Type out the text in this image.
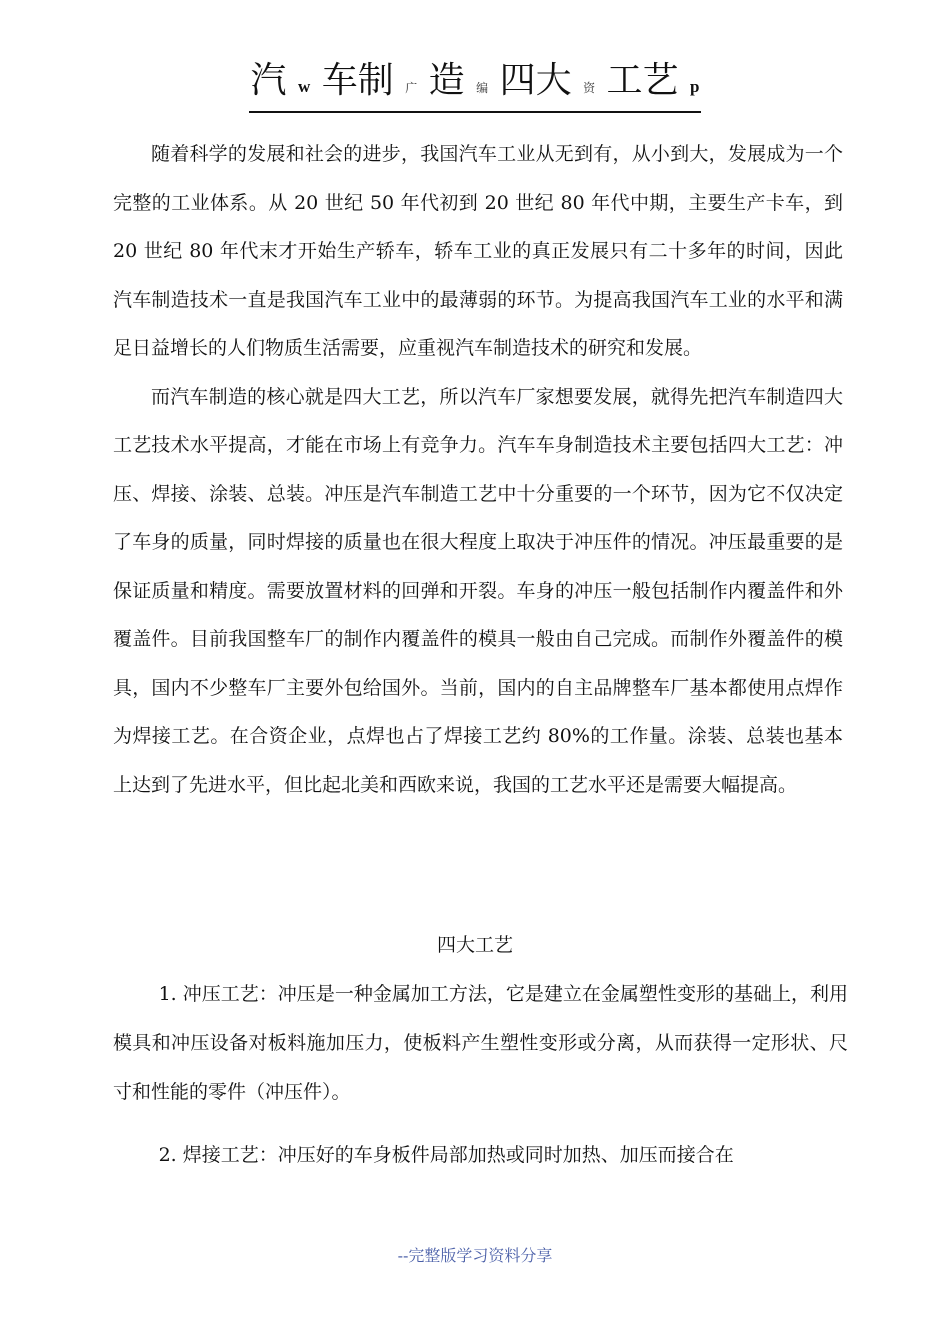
汽 w 车制 广 造 编 四大 资 工艺 p

随着科学的发展和社会的进步，我国汽车工业从无到有，从小到大，发展成为一个完整的工业体系。从 20 世纪 50 年代初到 20 世纪 80 年代中期，主要生产卡车，到 20 世纪 80 年代末才开始生产轿车，轿车工业的真正发展只有二十多年的时间，因此汽车制造技术一直是我国汽车工业中的最薄弱的环节。为提高我国汽车工业的水平和满足日益增长的人们物质生活需要，应重视汽车制造技术的研究和发展。

而汽车制造的核心就是四大工艺，所以汽车厂家想要发展，就得先把汽车制造四大工艺技术水平提高，才能在市场上有竞争力。汽车车身制造技术主要包括四大工艺：冲压、焊接、涂装、总装。冲压是汽车制造工艺中十分重要的一个环节，因为它不仅决定了车身的质量，同时焊接的质量也在很大程度上取决于冲压件的情况。冲压最重要的是保证质量和精度。需要放置材料的回弹和开裂。车身的冲压一般包括制作内覆盖件和外覆盖件。目前我国整车厂的制作内覆盖件的模具一般由自己完成。而制作外覆盖件的模具，国内不少整车厂主要外包给国外。当前，国内的自主品牌整车厂基本都使用点焊作为焊接工艺。在合资企业，点焊也占了焊接工艺约 80%的工作量。涂装、总装也基本上达到了先进水平，但比起北美和西欧来说，我国的工艺水平还是需要大幅提高。

四大工艺

1. 冲压工艺：冲压是一种金属加工方法，它是建立在金属塑性变形的基础上，利用模具和冲压设备对板料施加压力，使板料产生塑性变形或分离，从而获得一定形状、尺寸和性能的零件（冲压件）。

2. 焊接工艺：冲压好的车身板件局部加热或同时加热、加压而接合在

--完整版学习资料分享
